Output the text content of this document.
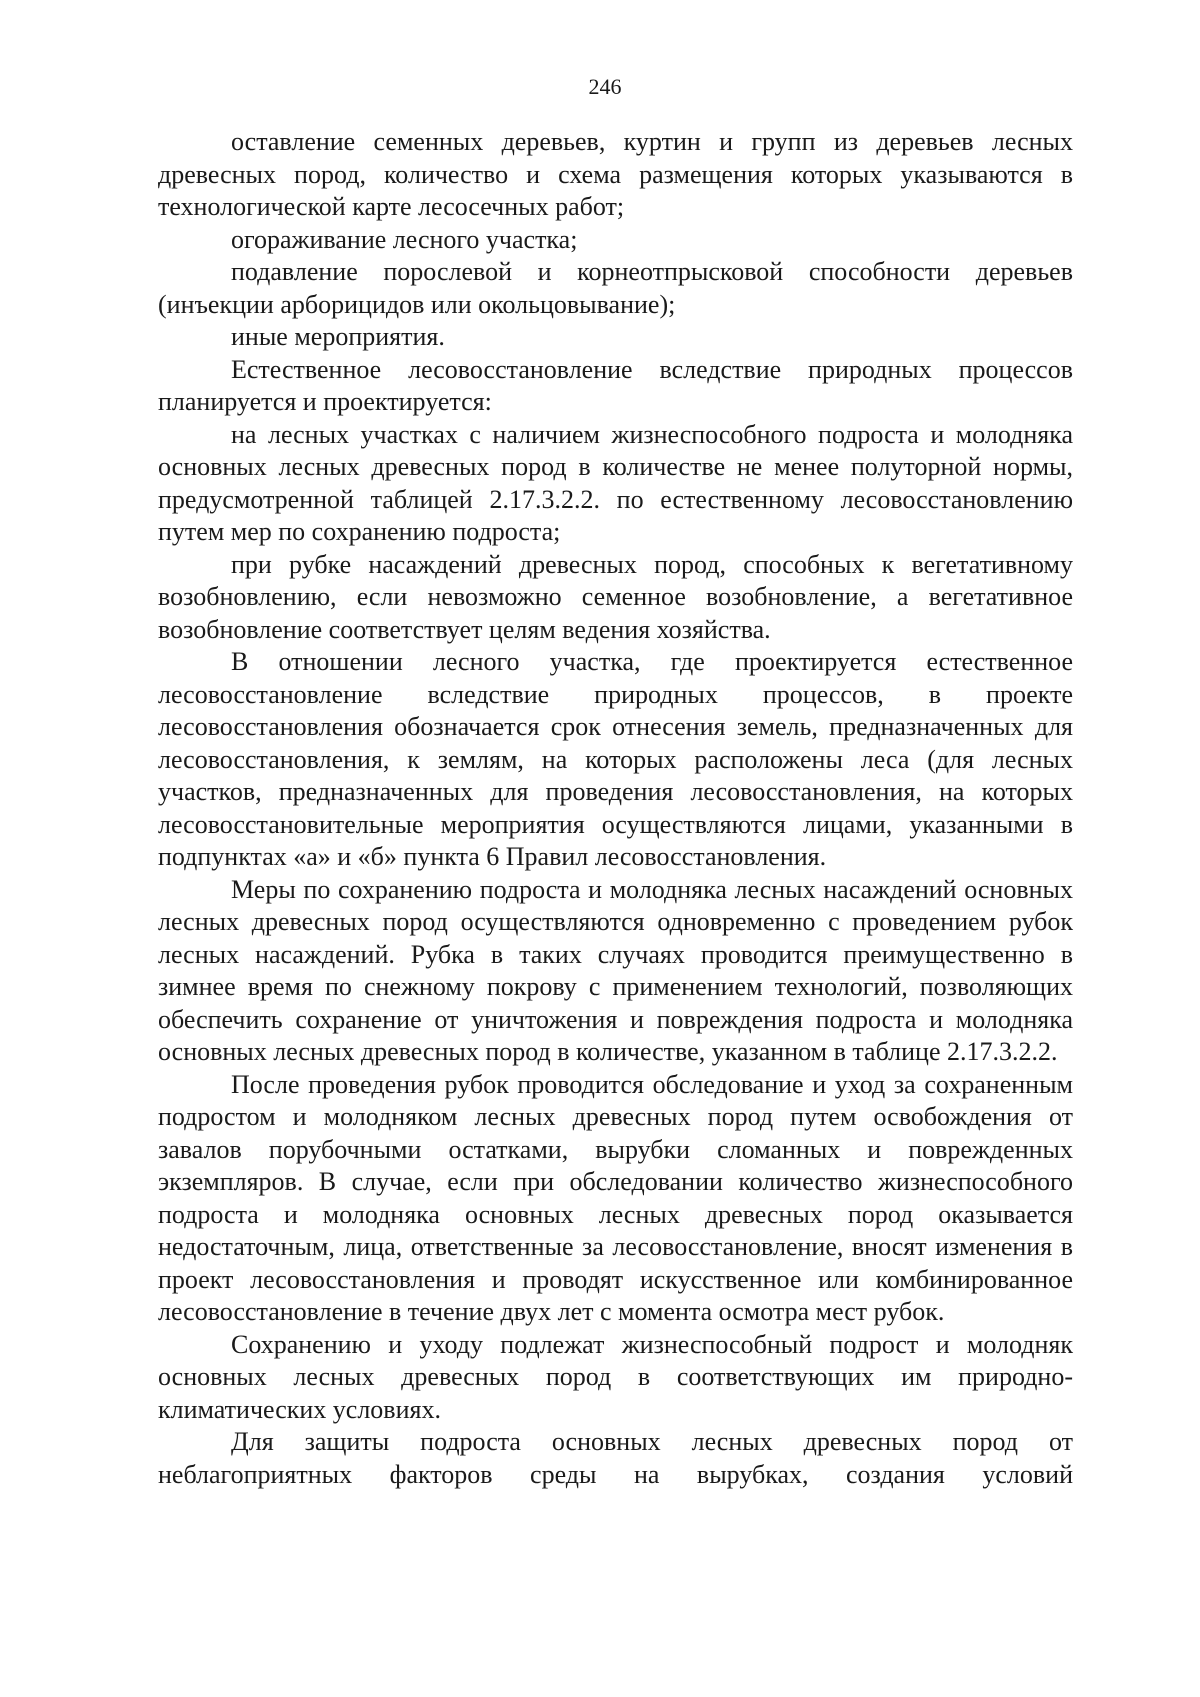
246

оставление семенных деревьев, куртин и групп из деревьев лесных древесных пород, количество и схема размещения которых указываются в технологической карте лесосечных работ;

огораживание лесного участка;

подавление порослевой и корнеотпрысковой способности деревьев (инъекции арборицидов или окольцовывание);

иные мероприятия.

Естественное лесовосстановление вследствие природных процессов планируется и проектируется:

на лесных участках с наличием жизнеспособного подроста и молодняка основных лесных древесных пород в количестве не менее полуторной нормы, предусмотренной таблицей 2.17.3.2.2. по естественному лесовосстановлению путем мер по сохранению подроста;

при рубке насаждений древесных пород, способных к вегетативному возобновлению, если невозможно семенное возобновление, а вегетативное возобновление соответствует целям ведения хозяйства.

В отношении лесного участка, где проектируется естественное лесовосстановление вследствие природных процессов, в проекте лесовосстановления обозначается срок отнесения земель, предназначенных для лесовосстановления, к землям, на которых расположены леса (для лесных участков, предназначенных для проведения лесовосстановления, на которых лесовосстановительные мероприятия осуществляются лицами, указанными в подпунктах «а» и «б» пункта 6 Правил лесовосстановления.

Меры по сохранению подроста и молодняка лесных насаждений основных лесных древесных пород осуществляются одновременно с проведением рубок лесных насаждений. Рубка в таких случаях проводится преимущественно в зимнее время по снежному покрову с применением технологий, позволяющих обеспечить сохранение от уничтожения и повреждения подроста и молодняка основных лесных древесных пород в количестве, указанном в таблице 2.17.3.2.2.

После проведения рубок проводится обследование и уход за сохраненным подростом и молодняком лесных древесных пород путем освобождения от завалов порубочными остатками, вырубки сломанных и поврежденных экземпляров. В случае, если при обследовании количество жизнеспособного подроста и молодняка основных лесных древесных пород оказывается недостаточным, лица, ответственные за лесовосстановление, вносят изменения в проект лесовосстановления и проводят искусственное или комбинированное лесовосстановление в течение двух лет с момента осмотра мест рубок.

Сохранению и уходу подлежат жизнеспособный подрост и молодняк основных лесных древесных пород в соответствующих им природно-климатических условиях.

Для защиты подроста основных лесных древесных пород от неблагоприятных факторов среды на вырубках, создания условий
